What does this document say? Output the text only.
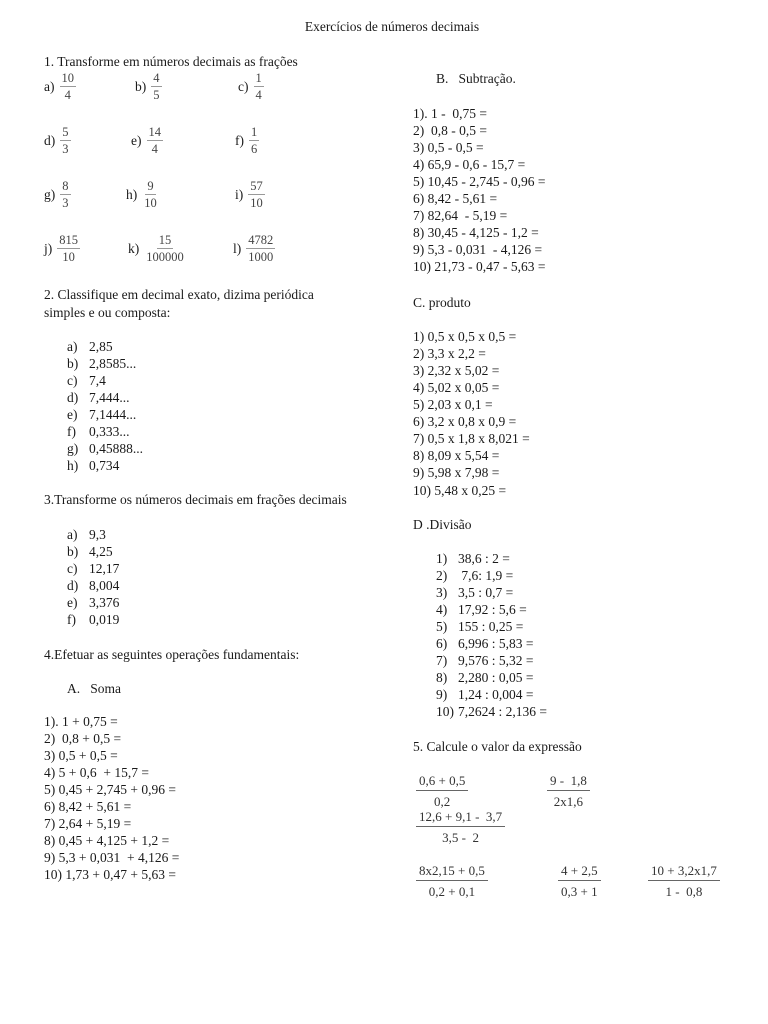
Exercícios de números decimais
1. Transforme em números decimais as frações
$a) \frac{10}{4}$	$b) \frac{4}{5}$	$c) \frac{1}{4}$
$d) \frac{5}{3}$	$e) \frac{14}{4}$	$f) \frac{1}{6}$
$g) \frac{8}{3}$	$h) \frac{9}{10}$	$i) \frac{57}{10}$
$j) \frac{815}{10}$	$k) \frac{15}{100000}$	$l) \frac{4782}{1000}$
2. Classifique em decimal exato, dizima periódica
simples e ou composta:
a) 2,85
b) 2,8585...
c) 7,4
d) 7,444...
e) 7,1444...
f) 0,333...
g) 0,45888...
h) 0,734
3.Transforme os números decimais em frações decimais
a) 9,3
b) 4,25
c) 12,17
d) 8,004
e) 3,376
f) 0,019
4.Efetuar as seguintes operações fundamentais:
A.   Soma
1). 1 + 0,75 =
2)  0,8 + 0,5 =
3) 0,5 + 0,5 =
4) 5 + 0,6  + 15,7 =
5) 0,45 + 2,745 + 0,96 =
6) 8,42 + 5,61 =
7) 2,64 + 5,19 =
8) 0,45 + 4,125 + 1,2 =
9) 5,3 + 0,031  + 4,126 =
10) 1,73 + 0,47 + 5,63 =
B.   Subtração.
1). 1 -  0,75 =
2)  0,8 - 0,5 =
3) 0,5 - 0,5 =
4) 65,9 - 0,6 - 15,7 =
5) 10,45 - 2,745 - 0,96 =
6) 8,42 - 5,61 =
7) 82,64  - 5,19 =
8) 30,45 - 4,125 - 1,2 =
9) 5,3 - 0,031  - 4,126 =
10) 21,73 - 0,47 - 5,63 =
C. produto
1) 0,5 x 0,5 x 0,5 =
2) 3,3 x 2,2 =
3) 2,32 x 5,02 =
4) 5,02 x 0,05 =
5) 2,03 x 0,1 =
6) 3,2 x 0,8 x 0,9 =
7) 0,5 x 1,8 x 8,021 =
8) 8,09 x 5,54 =
9) 5,98 x 7,98 =
10) 5,48 x 0,25 =
D .Divisão
1) 38,6 : 2 =
2) 7,6: 1,9 =
3) 3,5 : 0,7 =
4) 17,92 : 5,6 =
5) 155 : 0,25 =
6) 6,996 : 5,83 =
7) 9,576 : 5,32 =
8) 2,280 : 0,05 =
9) 1,24 : 0,004 =
10) 7,2624 : 2,136 =
5. Calcule o valor da expressão
$\frac{0,6 + 0,5}{0,2}$	$\frac{9 - 1,8}{2x1,6}$
$\frac{12,6 + 9,1 - 3,7}{3,5 - 2}$
$\frac{8x2,15 + 0,5}{0,2 + 0,1}$	$\frac{4 + 2,5}{0,3 + 1}$	$\frac{10 + 3,2x1,7}{1 - 0,8}$
